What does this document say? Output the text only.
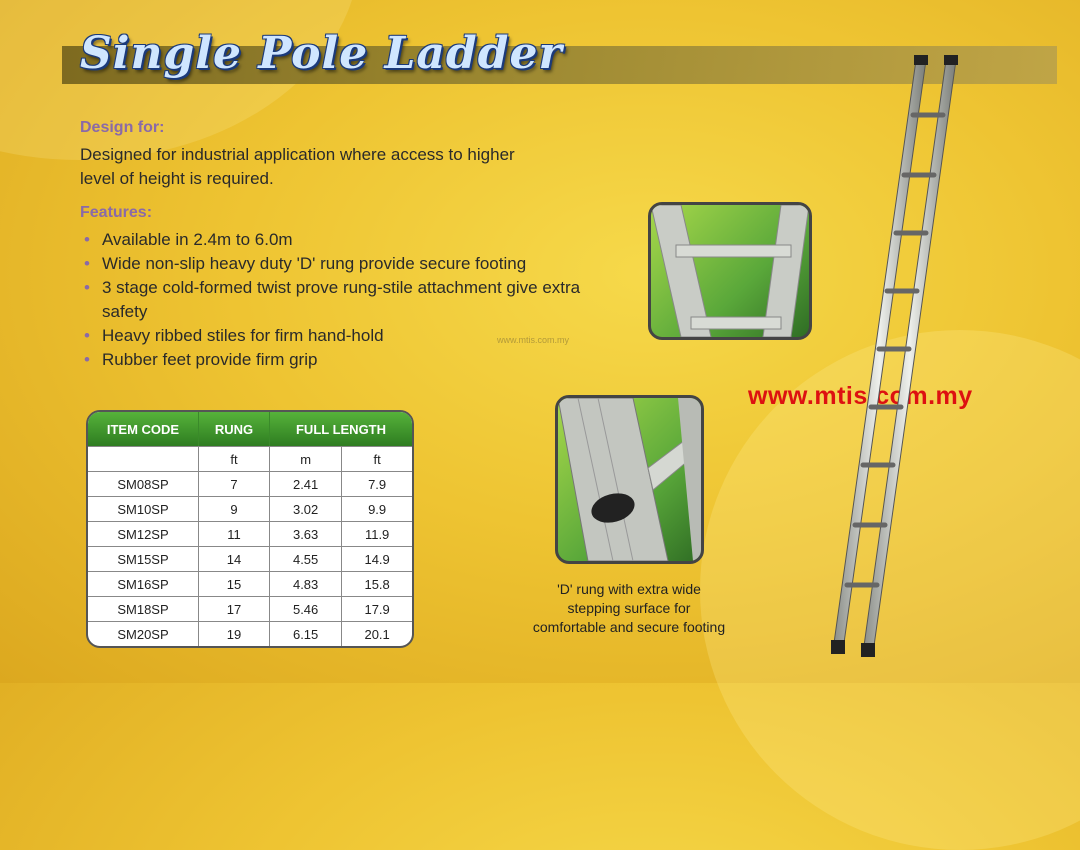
Single Pole Ladder
Design for:
Designed for industrial application where access to higher
level of height is required.
Features:
• Available in 2.4m to 6.0m
• Wide non-slip heavy duty 'D' rung provide secure footing
• 3 stage cold-formed twist prove rung-stile attachment give extra safety
• Heavy ribbed stiles for firm hand-hold
• Rubber feet provide firm grip
www.mtis.com.my
'D' rung with extra wide
stepping surface for
comfortable and secure footing
www.mtis.com.my
ITEM CODE	RUNG	FULL LENGTH	
	ft	m	ft
SM08SP	7	2.41	7.9
SM10SP	9	3.02	9.9
SM12SP	11	3.63	11.9
SM15SP	14	4.55	14.9
SM16SP	15	4.83	15.8
SM18SP	17	5.46	17.9
SM20SP	19	6.15	20.1
